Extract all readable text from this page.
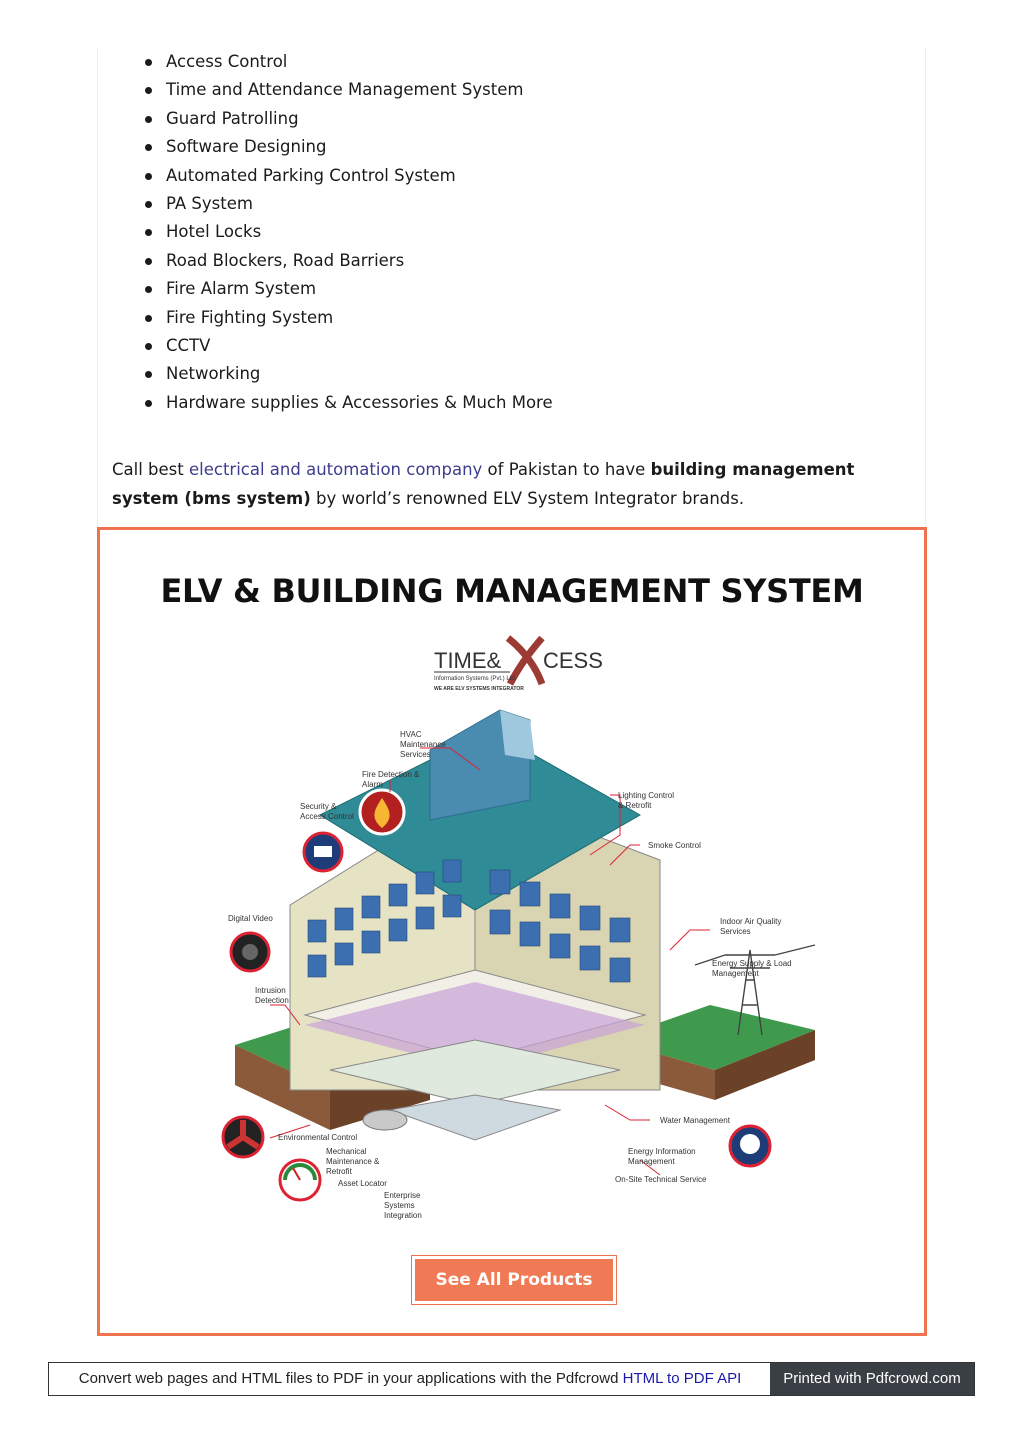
Access Control
Time and Attendance Management System
Guard Patrolling
Software Designing
Automated Parking Control System
PA System
Hotel Locks
Road Blockers, Road Barriers
Fire Alarm System
Fire Fighting System
CCTV
Networking
Hardware supplies & Accessories & Much More

Call best electrical and automation company of Pakistan to have building management system (bms system) by world’s renowned ELV System Integrator brands.

ELV & BUILDING MANAGEMENT SYSTEM
TIME& CESS
Information Systems (Pvt.) Ltd.
WE ARE ELV SYSTEMS INTEGRATOR
HVAC
Maintenance
Services
Fire Detection &
Alarm
Security &
Access Control
Lighting Control
& Retrofit
Smoke Control
Digital Video	Indoor Air Quality
Services
Energy Supply & Load
Management
Intrusion
Detection
Water Management
Environmental Control
Mechanical
Maintenance &
Retrofit
Asset Locator
Energy Information
Management
Enterprise
Systems
Integration
On-Site Technical Service
See All Products
Convert web pages and HTML files to PDF in your applications with the Pdfcrowd HTML to PDF API	Printed with Pdfcrowd.com
